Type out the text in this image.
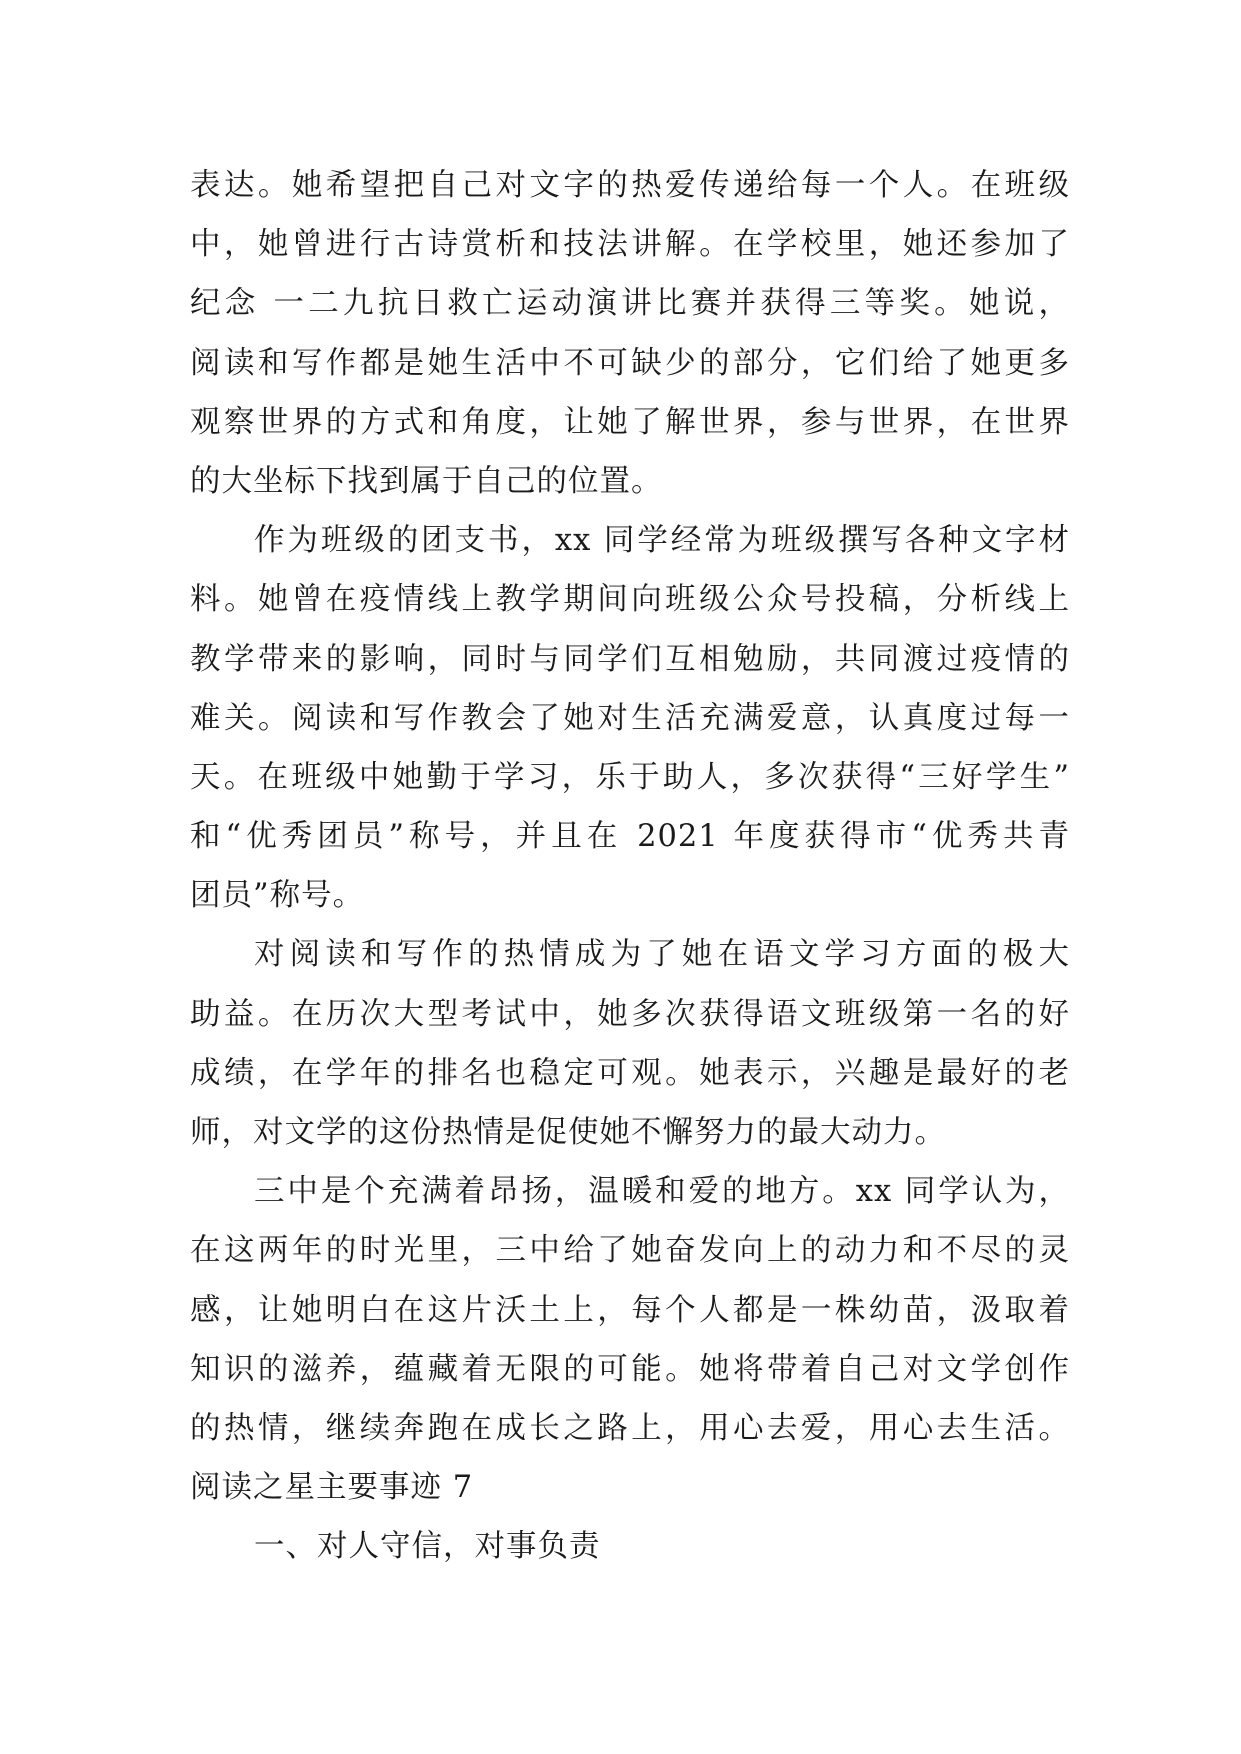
表达。她希望把自己对文字的热爱传递给每一个人。在班级
中，她曾进行古诗赏析和技法讲解。在学校里，她还参加了
纪念 一二九抗日救亡运动演讲比赛并获得三等奖。她说，
阅读和写作都是她生活中不可缺少的部分，它们给了她更多
观察世界的方式和角度，让她了解世界，参与世界，在世界
的大坐标下找到属于自己的位置。
作为班级的团支书，xx 同学经常为班级撰写各种文字材
料。她曾在疫情线上教学期间向班级公众号投稿，分析线上
教学带来的影响，同时与同学们互相勉励，共同渡过疫情的
难关。阅读和写作教会了她对生活充满爱意，认真度过每一
天。在班级中她勤于学习，乐于助人，多次获得“三好学生”
和“优秀团员”称号，并且在 2021 年度获得市“优秀共青
团员”称号。
对阅读和写作的热情成为了她在语文学习方面的极大
助益。在历次大型考试中，她多次获得语文班级第一名的好
成绩，在学年的排名也稳定可观。她表示，兴趣是最好的老
师，对文学的这份热情是促使她不懈努力的最大动力。
三中是个充满着昂扬，温暖和爱的地方。xx 同学认为，
在这两年的时光里，三中给了她奋发向上的动力和不尽的灵
感，让她明白在这片沃土上，每个人都是一株幼苗，汲取着
知识的滋养，蕴藏着无限的可能。她将带着自己对文学创作
的热情，继续奔跑在成长之路上，用心去爱，用心去生活。
阅读之星主要事迹 7
一、对人守信，对事负责
